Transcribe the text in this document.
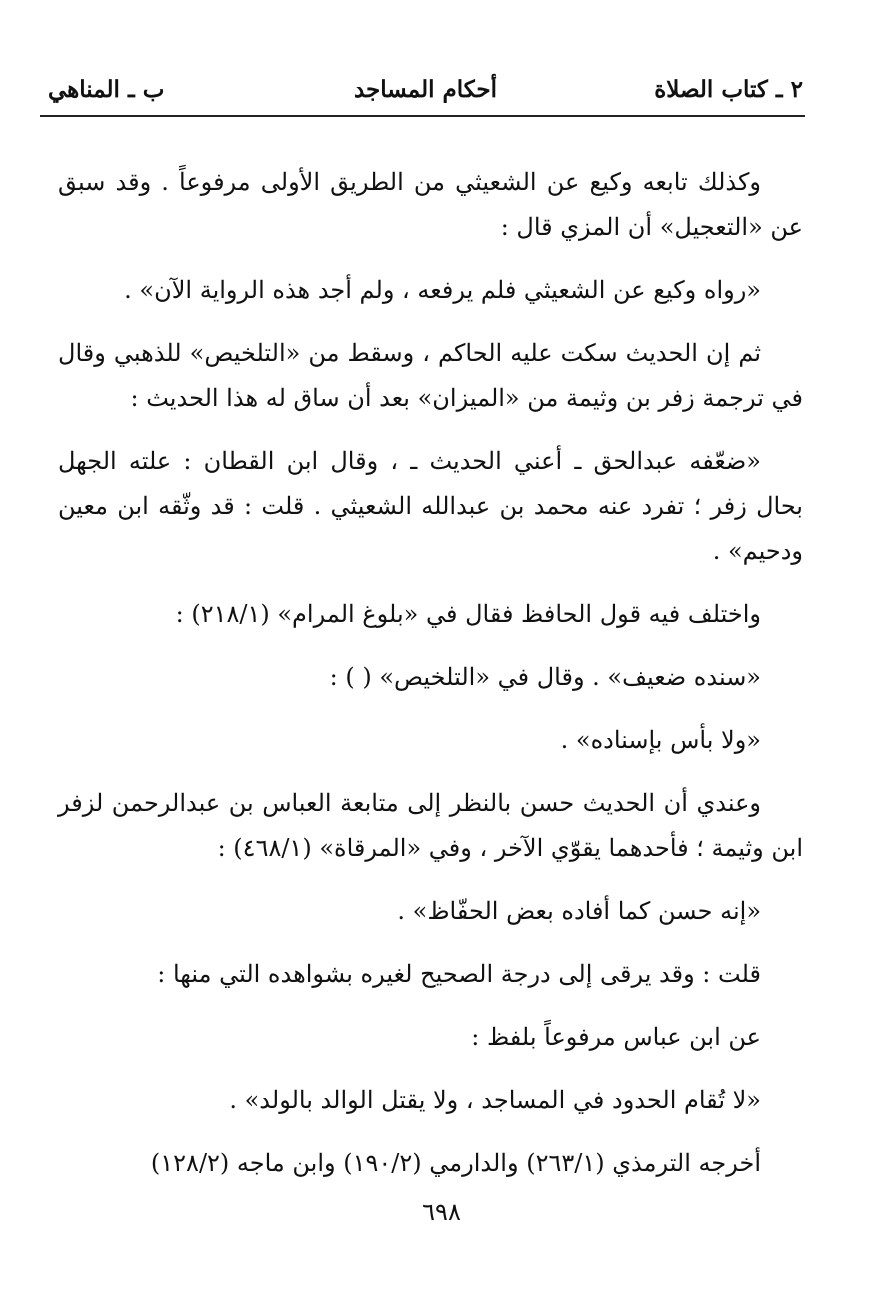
٢ ـ كتاب الصلاة
أحكام المساجد
ب ـ المناهي

وكذلك تابعه وكيع عن الشعيثي من الطريق الأولى مرفوعاً . وقد سبق عن «التعجيل» أن المزي قال :

«رواه وكيع عن الشعيثي فلم يرفعه ، ولم أجد هذه الرواية الآن» .

ثم إن الحديث سكت عليه الحاكم ، وسقط من «التلخيص» للذهبي وقال في ترجمة زفر بن وثيمة من «الميزان» بعد أن ساق له هذا الحديث :

«ضعّفه عبدالحق ـ أعني الحديث ـ ، وقال ابن القطان : علته الجهل بحال زفر ؛ تفرد عنه محمد بن عبدالله الشعيثي . قلت : قد وثّقه ابن معين ودحيم» .

واختلف فيه قول الحافظ فقال في «بلوغ المرام» (٢١٨/١) :

«سنده ضعيف» . وقال في «التلخيص» ( ) :

«ولا بأس بإسناده» .

وعندي أن الحديث حسن بالنظر إلى متابعة العباس بن عبدالرحمن لزفر ابن وثيمة ؛ فأحدهما يقوّي الآخر ، وفي «المرقاة» (٤٦٨/١) :

«إنه حسن كما أفاده بعض الحفّاظ» .

قلت : وقد يرقى إلى درجة الصحيح لغيره بشواهده التي منها :

عن ابن عباس مرفوعاً بلفظ :

«لا تُقام الحدود في المساجد ، ولا يقتل الوالد بالولد» .

أخرجه الترمذي (٢٦٣/١) والدارمي (١٩٠/٢) وابن ماجه (١٢٨/٢)

٦٩٨
